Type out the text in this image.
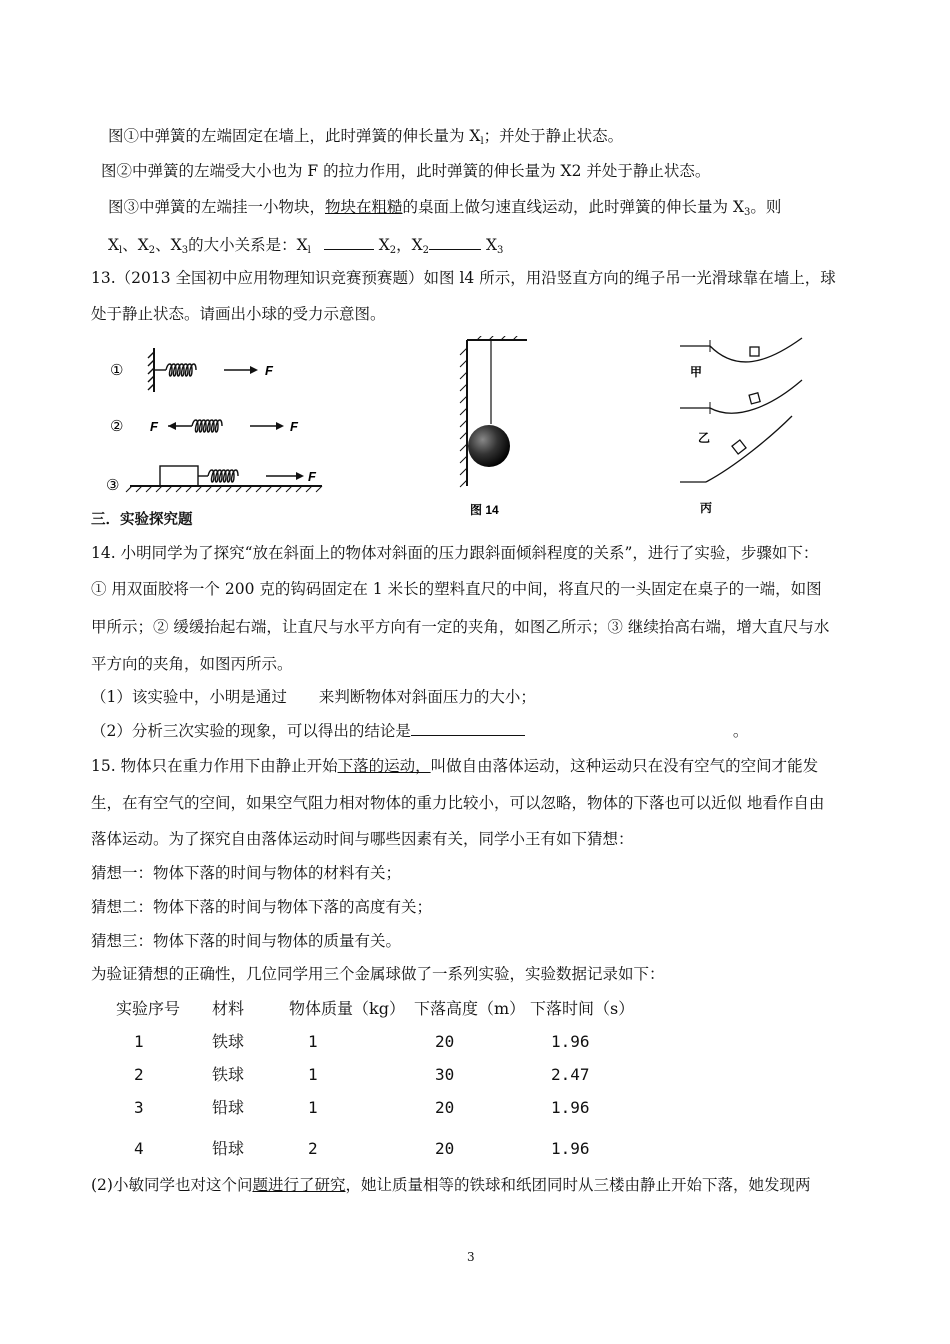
图①中弹簧的左端固定在墙上，此时弹簧的伸长量为 $X_l$；并处于静止状态。
图②中弹簧的左端受大小也为 F 的拉力作用，此时弹簧的伸长量为 X2 并处于静止状态。
图③中弹簧的左端挂一小物块，物块在粗糙的桌面上做匀速直线运动，此时弹簧的伸长量为 $X_3$。则
$X_l$、$X_2$、$X_3$的大小关系是：$X_l$	$X_2$，$X_2$	$X_3$
13.（2013 全国初中应用物理知识竞赛预赛题）如图 l4 所示，用沿竖直方向的绳子吊一光滑球靠在墙上，球
处于静止状态。请画出小球的受力示意图。
①
②
③
F
F	F
F
图 14
甲
乙
丙
三．实验探究题
14. 小明同学为了探究“放在斜面上的物体对斜面的压力跟斜面倾斜程度的关系”，进行了实验，步骤如下：
① 用双面胶将一个 200 克的钩码固定在 1 米长的塑料直尺的中间，将直尺的一头固定在桌子的一端，如图
甲所示；② 缓缓抬起右端，让直尺与水平方向有一定的夹角，如图乙所示；③ 继续抬高右端，增大直尺与水
平方向的夹角，如图丙所示。
（1）该实验中，小明是通过 来判断物体对斜面压力的大小；
（2）分析三次实验的现象，可以得出的结论是	。
15. 物体只在重力作用下由静止开始下落的运动，叫做自由落体运动，这种运动只在没有空气的空间才能发
生，在有空气的空间，如果空气阻力相对物体的重力比较小，可以忽略，物体的下落也可以近似 地看作自由
落体运动。为了探究自由落体运动时间与哪些因素有关，同学小王有如下猜想：
猜想一：物体下落的时间与物体的材料有关；
猜想二：物体下落的时间与物体下落的高度有关；
猜想三：物体下落的时间与物体的质量有关。
为验证猜想的正确性，几位同学用三个金属球做了一系列实验，实验数据记录如下：
实验序号 材料	物体质量（kg） 下落高度（m） 下落时间（s）
1	铁球	1	20	1.96
2	铁球	1	30	2.47
3	铅球	1	20	1.96
4	铅球	2	20	1.96
(2)小敏同学也对这个问题进行了研究，她让质量相等的铁球和纸团同时从三楼由静止开始下落，她发现两
3
